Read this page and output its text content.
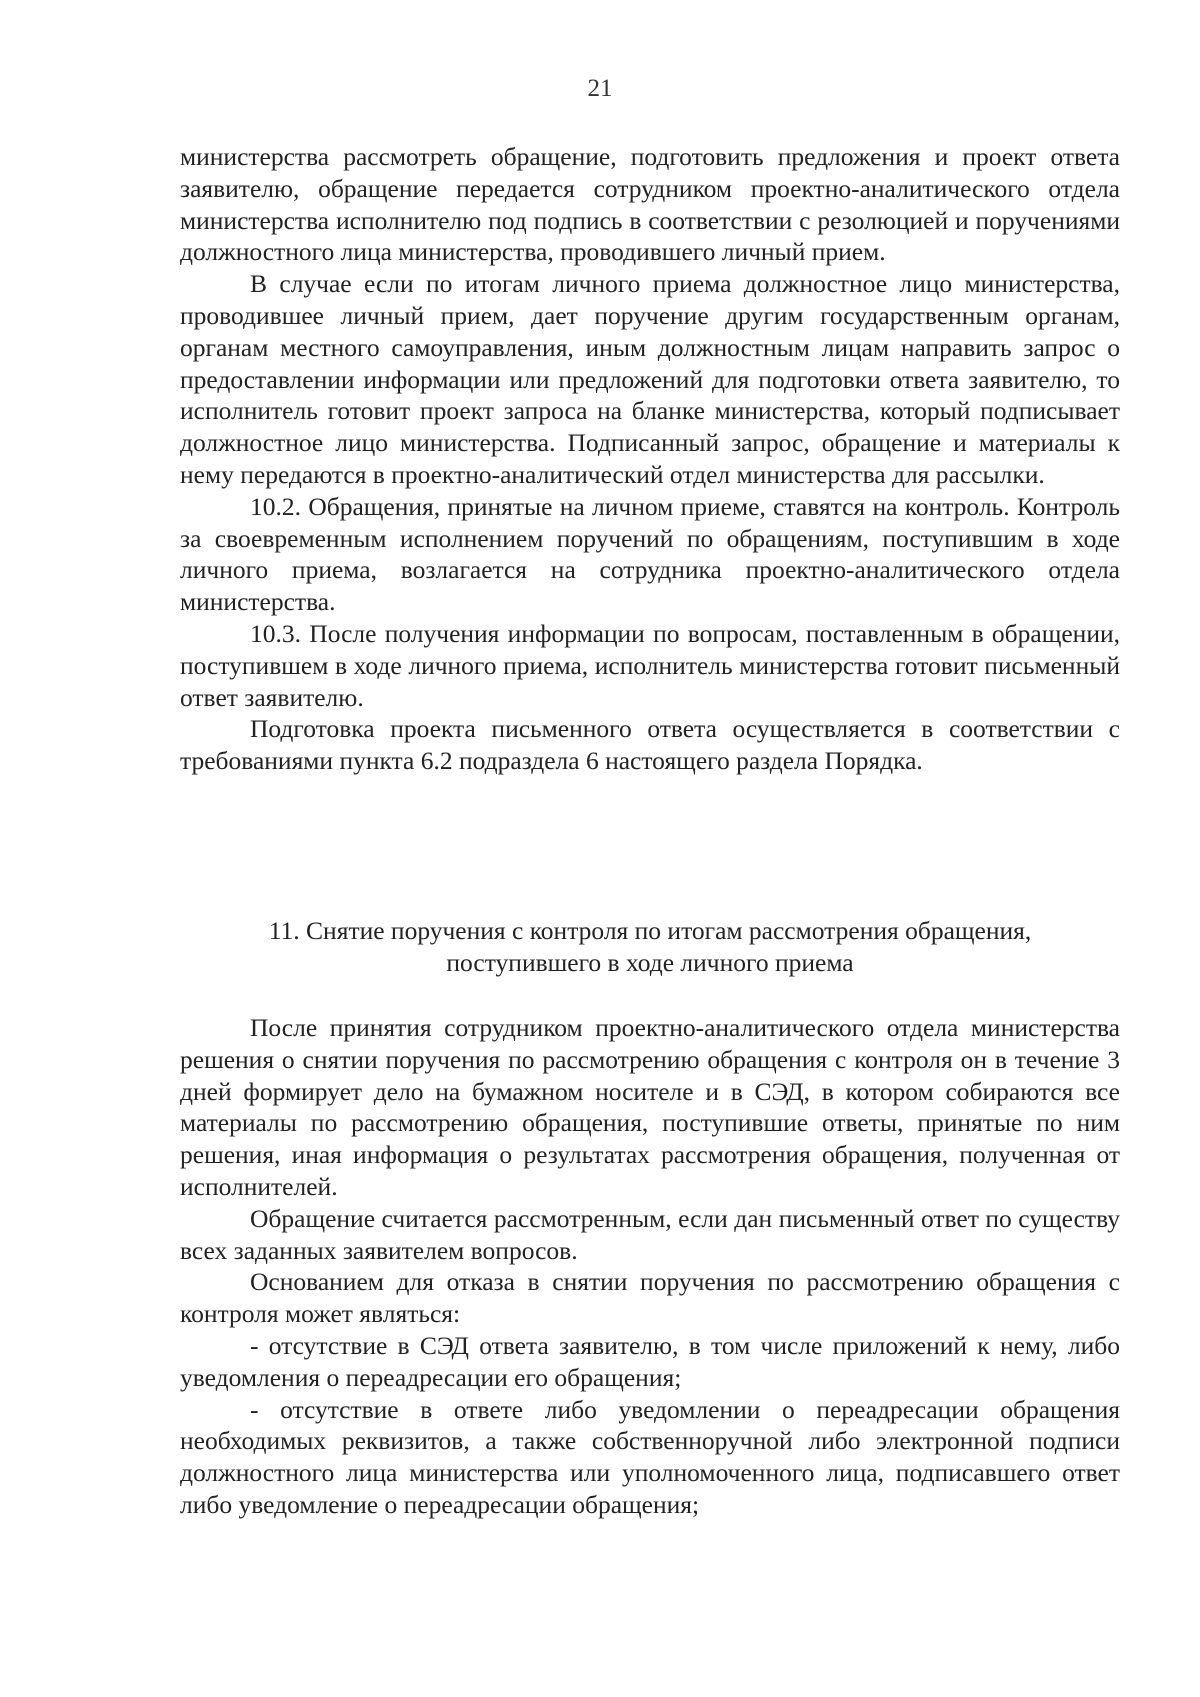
21

министерства рассмотреть обращение, подготовить предложения и проект ответа заявителю, обращение передается сотрудником проектно-аналитического отдела министерства исполнителю под подпись в соответствии с резолюцией и поручениями должностного лица министерства, проводившего личный прием.

В случае если по итогам личного приема должностное лицо министерства, проводившее личный прием, дает поручение другим государственным органам, органам местного самоуправления, иным должностным лицам направить запрос о предоставлении информации или предложений для подготовки ответа заявителю, то исполнитель готовит проект запроса на бланке министерства, который подписывает должностное лицо министерства. Подписанный запрос, обращение и материалы к нему передаются в проектно-аналитический отдел министерства для рассылки.

10.2. Обращения, принятые на личном приеме, ставятся на контроль. Контроль за своевременным исполнением поручений по обращениям, поступившим в ходе личного приема, возлагается на сотрудника проектно-аналитического отдела министерства.

10.3. После получения информации по вопросам, поставленным в обращении, поступившем в ходе личного приема, исполнитель министерства готовит письменный ответ заявителю.

Подготовка проекта письменного ответа осуществляется в соответствии с требованиями пункта 6.2 подраздела 6 настоящего раздела Порядка.

11. Снятие поручения с контроля по итогам рассмотрения обращения,
поступившего в ходе личного приема

После принятия сотрудником проектно-аналитического отдела министерства решения о снятии поручения по рассмотрению обращения с контроля он в течение 3 дней формирует дело на бумажном носителе и в СЭД, в котором собираются все материалы по рассмотрению обращения, поступившие ответы, принятые по ним решения, иная информация о результатах рассмотрения обращения, полученная от исполнителей.

Обращение считается рассмотренным, если дан письменный ответ по существу всех заданных заявителем вопросов.

Основанием для отказа в снятии поручения по рассмотрению обращения с контроля может являться:

- отсутствие в СЭД ответа заявителю, в том числе приложений к нему, либо уведомления о переадресации его обращения;

- отсутствие в ответе либо уведомлении о переадресации обращения необходимых реквизитов, а также собственноручной либо электронной подписи должностного лица министерства или уполномоченного лица, подписавшего ответ либо уведомление о переадресации обращения;
